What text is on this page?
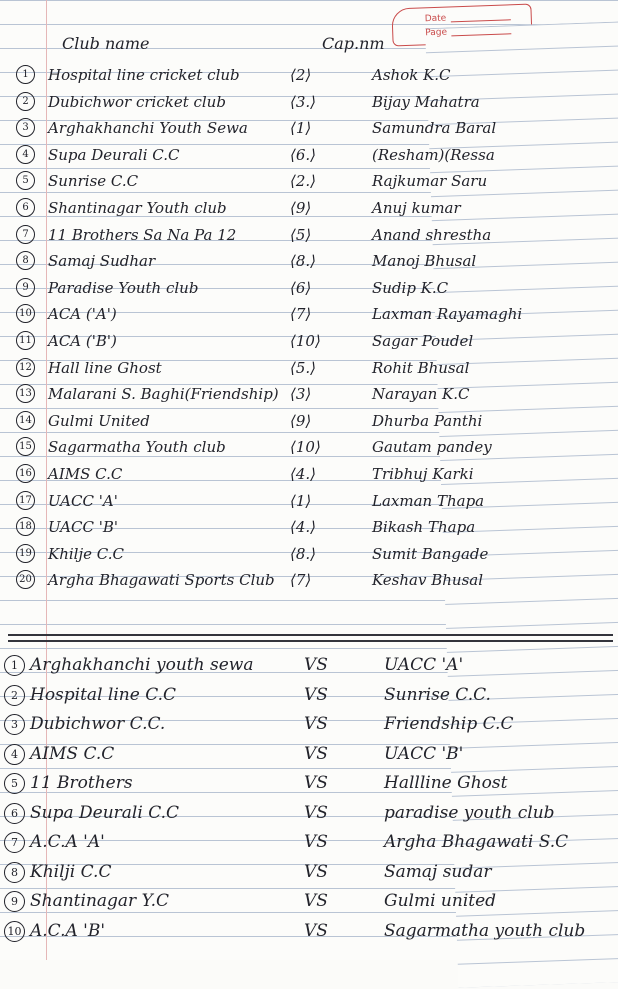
Date
Page
Club name	Cap.nm
1	Hospital line cricket club	⟨2⟩	Ashok K.C
2	Dubichwor cricket club	⟨3.⟩	Bijay Mahatra
3	Arghakhanchi Youth Sewa	⟨1⟩	Samundra Baral
4	Supa Deurali C.C	⟨6.⟩	(Resham)(Ressa
5	Sunrise C.C	⟨2.⟩	Rajkumar Saru
6	Shantinagar Youth club	⟨9⟩	Anuj kumar
7	11 Brothers Sa Na Pa 12	⟨5⟩	Anand shrestha
8	Samaj Sudhar	⟨8.⟩	Manoj Bhusal
9	Paradise Youth club	⟨6⟩	Sudip K.C
10 ACA ('A')	⟨7⟩	Laxman Rayamaghi
11 ACA ('B')	⟨10⟩	Sagar Poudel
12 Hall line Ghost	⟨5.⟩	Rohit Bhusal
13 Malarani S. Baghi(Friendship) ⟨3⟩	Narayan K.C
14 Gulmi United	⟨9⟩	Dhurba Panthi
15 Sagarmatha Youth club	⟨10⟩	Gautam pandey
16 AIMS C.C	⟨4.⟩	Tribhuj Karki
17 UACC 'A'	⟨1⟩	Laxman Thapa
18 UACC 'B'	⟨4.⟩	Bikash Thapa
19 Khilje C.C	⟨8.⟩	Sumit Bangade
20 Argha Bhagawati Sports Club ⟨7⟩	Keshav Bhusal
1 Arghakhanchi youth sewa	VS	UACC 'A'
2 Hospital line C.C	VS	Sunrise C.C.
3 Dubichwor C.C.	VS	Friendship C.C
4 AIMS C.C	VS	UACC 'B'
5 11 Brothers	VS	Hallline Ghost
6 Supa Deurali C.C	VS	paradise youth club
7 A.C.A 'A'	VS	Argha Bhagawati S.C
8 Khilji C.C	VS	Samaj sudar
9 Shantinagar Y.C	VS	Gulmi united
10 A.C.A 'B'	VS	Sagarmatha youth club
